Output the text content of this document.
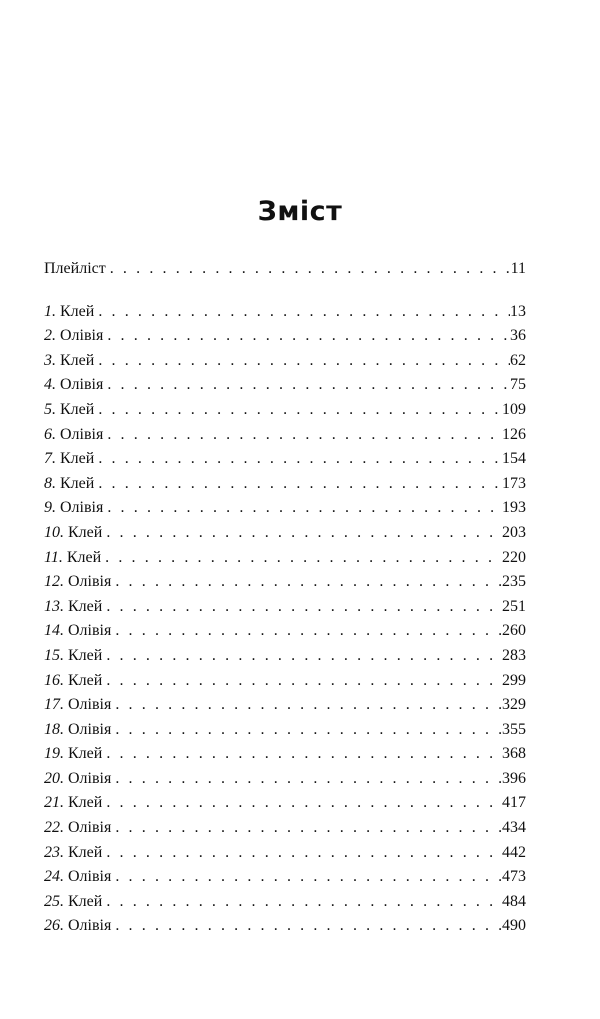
Зміст
Плейліст . . .	11
1. Клей . . .	13
2. Олівія . . .	36
3. Клей . . .	62
4. Олівія . . .	75
5. Клей . . .	109
6. Олівія . . .	126
7. Клей . . .	154
8. Клей . . .	173
9. Олівія . . .	193
10. Клей . . .	203
11. Клей . . .	220
12. Олівія . . .	235
13. Клей . . .	251
14. Олівія . . .	260
15. Клей . . .	283
16. Клей . . .	299
17. Олівія . . .	329
18. Олівія . . .	355
19. Клей . . .	368
20. Олівія . . .	396
21. Клей . . .	417
22. Олівія . . .	434
23. Клей . . .	442
24. Олівія . . .	473
25. Клей . . .	484
26. Олівія . . .	490
